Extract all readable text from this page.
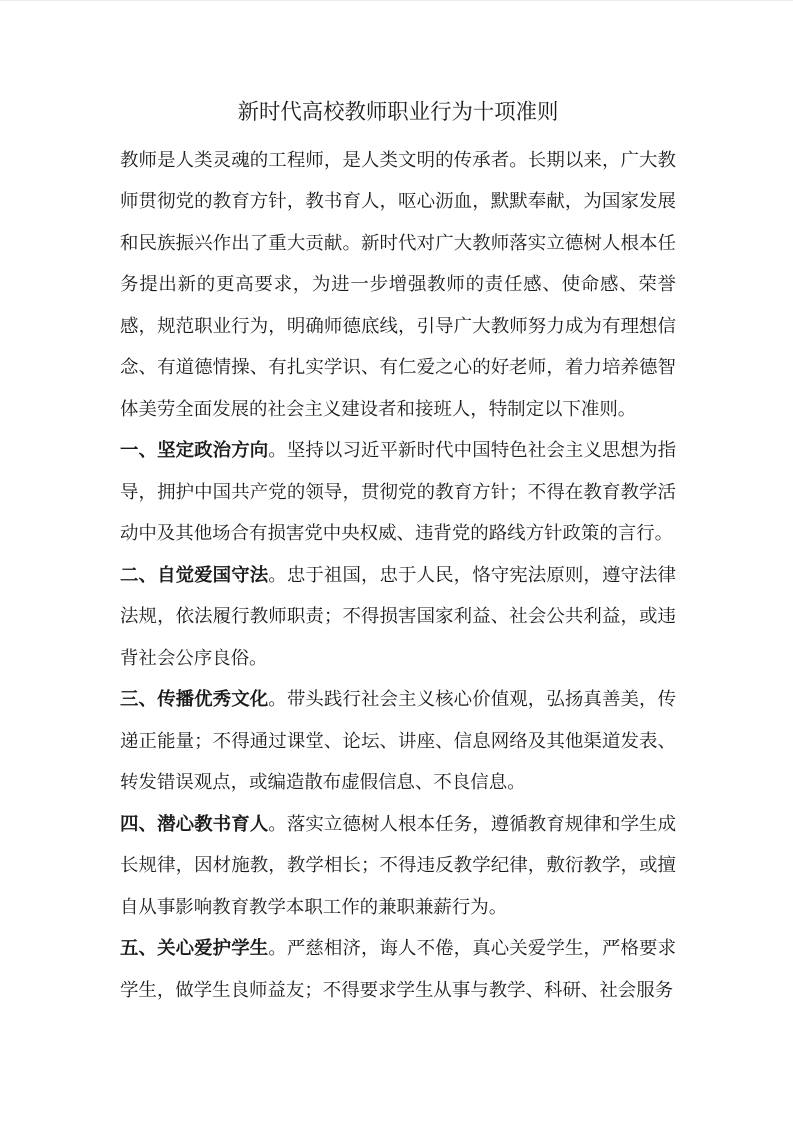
新时代高校教师职业行为十项准则

教师是人类灵魂的工程师，是人类文明的传承者。长期以来，广大教师贯彻党的教育方针，教书育人，呕心沥血，默默奉献，为国家发展和民族振兴作出了重大贡献。新时代对广大教师落实立德树人根本任务提出新的更高要求，为进一步增强教师的责任感、使命感、荣誉感，规范职业行为，明确师德底线，引导广大教师努力成为有理想信念、有道德情操、有扎实学识、有仁爱之心的好老师，着力培养德智体美劳全面发展的社会主义建设者和接班人，特制定以下准则。

一、坚定政治方向。坚持以习近平新时代中国特色社会主义思想为指导，拥护中国共产党的领导，贯彻党的教育方针；不得在教育教学活动中及其他场合有损害党中央权威、违背党的路线方针政策的言行。

二、自觉爱国守法。忠于祖国，忠于人民，恪守宪法原则，遵守法律法规，依法履行教师职责；不得损害国家利益、社会公共利益，或违背社会公序良俗。

三、传播优秀文化。带头践行社会主义核心价值观，弘扬真善美，传递正能量；不得通过课堂、论坛、讲座、信息网络及其他渠道发表、转发错误观点，或编造散布虚假信息、不良信息。

四、潜心教书育人。落实立德树人根本任务，遵循教育规律和学生成长规律，因材施教，教学相长；不得违反教学纪律，敷衍教学，或擅自从事影响教育教学本职工作的兼职兼薪行为。

五、关心爱护学生。严慈相济，诲人不倦，真心关爱学生，严格要求学生，做学生良师益友；不得要求学生从事与教学、科研、社会服务
